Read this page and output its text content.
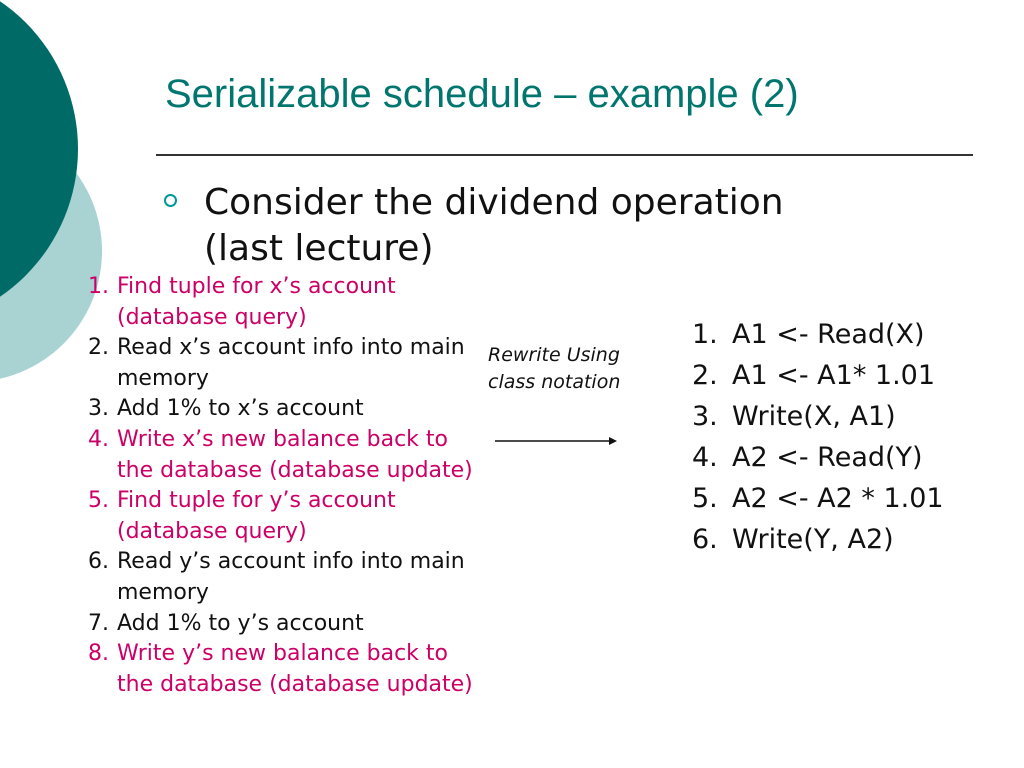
Serializable schedule – example (2)
Consider the dividend operation
(last lecture)
1. Find tuple for x’s account (database query)
2. Read x’s account info into main memory
3. Add 1% to x’s account
4. Write x’s new balance back to the database (database update)
5. Find tuple for y’s account (database query)
6. Read y’s account info into main memory
7. Add 1% to y’s account
8. Write y’s new balance back to the database (database update)
Rewrite Using class notation
1. A1 <- Read(X)
2. A1 <- A1* 1.01
3. Write(X, A1)
4. A2 <- Read(Y)
5. A2 <- A2 * 1.01
6. Write(Y, A2)
